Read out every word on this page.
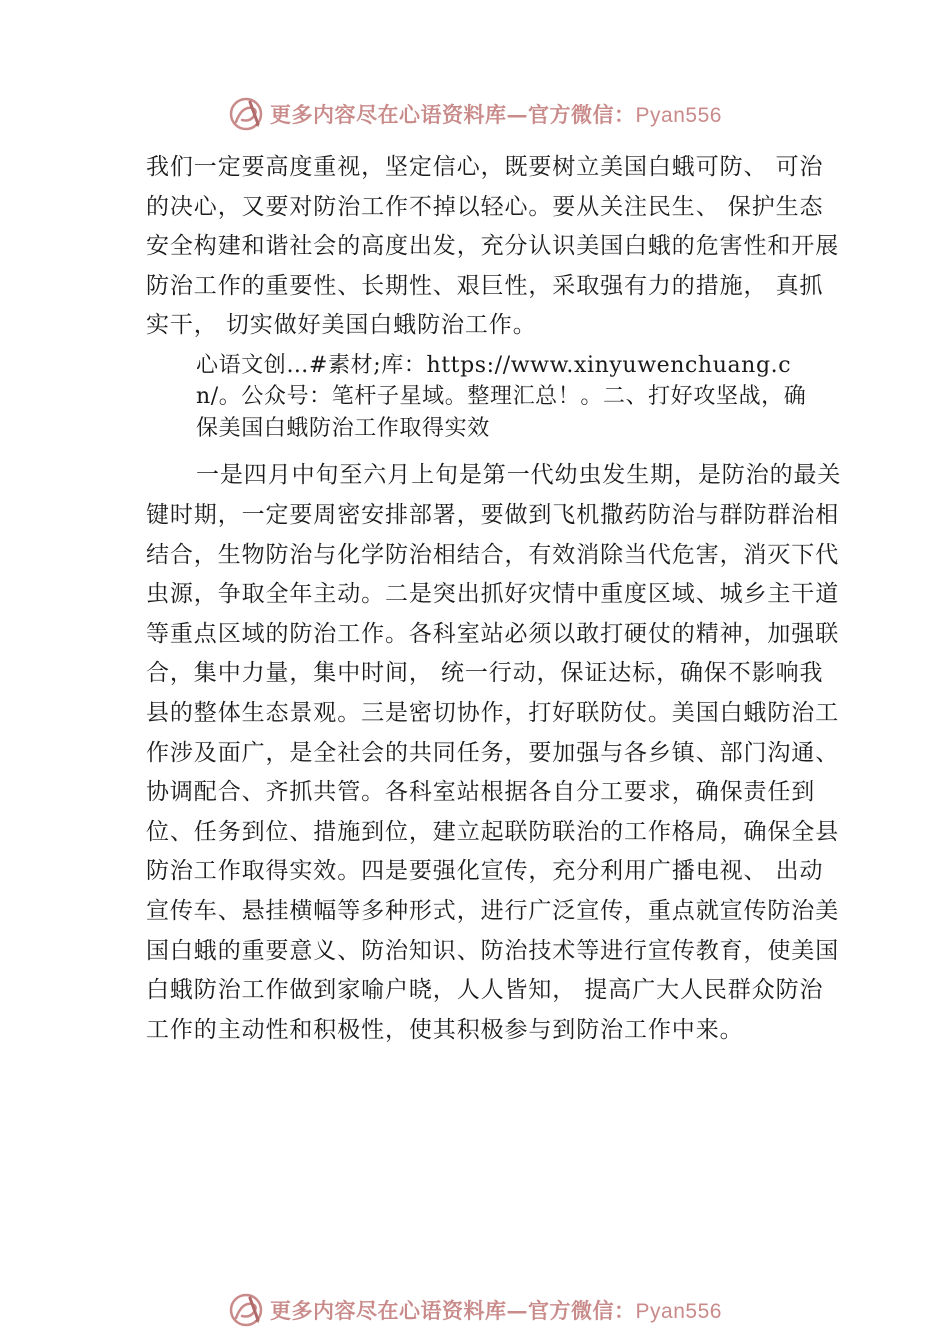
更多内容尽在心语资料库—官方微信：Pyan556

我们一定要高度重视，坚定信心，既要树立美国白蛾可防、 可治的决心，又要对防治工作不掉以轻心。要从关注民生、 保护生态安全构建和谐社会的高度出发，充分认识美国白蛾的危害性和开展防治工作的重要性、长期性、艰巨性，采取强有力的措施， 真抓实干， 切实做好美国白蛾防治工作。

心语文创…#素材;库：https://www.xinyuwenchuang.cn/。公众号：笔杆子星域。整理汇总！。二、打好攻坚战，确保美国白蛾防治工作取得实效

一是四月中旬至六月上旬是第一代幼虫发生期，是防治的最关键时期，一定要周密安排部署，要做到飞机撒药防治与群防群治相结合，生物防治与化学防治相结合，有效消除当代危害，消灭下代虫源，争取全年主动。二是突出抓好灾情中重度区域、城乡主干道等重点区域的防治工作。各科室站必须以敢打硬仗的精神，加强联合，集中力量，集中时间， 统一行动，保证达标，确保不影响我县的整体生态景观。三是密切协作，打好联防仗。美国白蛾防治工作涉及面广，是全社会的共同任务，要加强与各乡镇、部门沟通、协调配合、齐抓共管。各科室站根据各自分工要求，确保责任到位、任务到位、措施到位，建立起联防联治的工作格局，确保全县防治工作取得实效。四是要强化宣传，充分利用广播电视、 出动宣传车、悬挂横幅等多种形式，进行广泛宣传，重点就宣传防治美国白蛾的重要意义、防治知识、防治技术等进行宣传教育，使美国白蛾防治工作做到家喻户晓，人人皆知， 提高广大人民群众防治工作的主动性和积极性，使其积极参与到防治工作中来。

更多内容尽在心语资料库—官方微信：Pyan556
